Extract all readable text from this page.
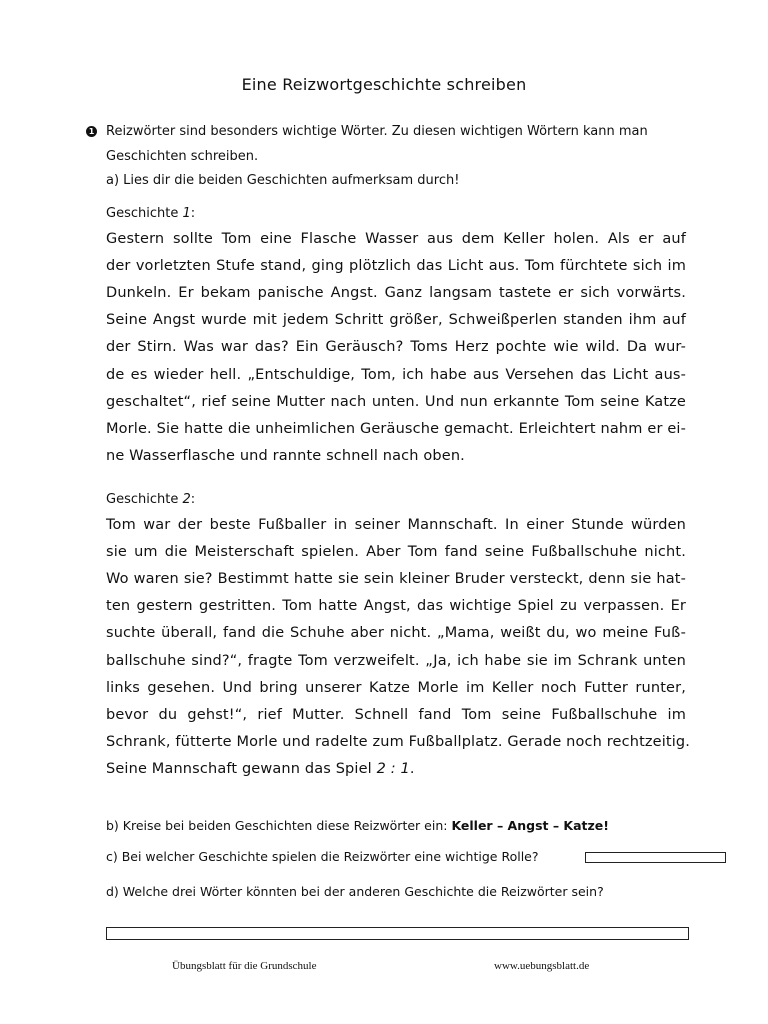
Eine Reizwortgeschichte schreiben
1 Reizwörter sind besonders wichtige Wörter. Zu diesen wichtigen Wörtern kann man
Geschichten schreiben.
a) Lies dir die beiden Geschichten aufmerksam durch!
Geschichte 1:
Gestern sollte Tom eine Flasche Wasser aus dem Keller holen. Als er auf
der vorletzten Stufe stand, ging plötzlich das Licht aus. Tom fürchtete sich im
Dunkeln. Er bekam panische Angst. Ganz langsam tastete er sich vorwärts.
Seine Angst wurde mit jedem Schritt größer, Schweißperlen standen ihm auf
der Stirn. Was war das? Ein Geräusch? Toms Herz pochte wie wild. Da wur-
de es wieder hell. „Entschuldige, Tom, ich habe aus Versehen das Licht aus-
geschaltet“, rief seine Mutter nach unten. Und nun erkannte Tom seine Katze
Morle. Sie hatte die unheimlichen Geräusche gemacht. Erleichtert nahm er ei-
ne Wasserflasche und rannte schnell nach oben.
Geschichte 2:
Tom war der beste Fußballer in seiner Mannschaft. In einer Stunde würden
sie um die Meisterschaft spielen. Aber Tom fand seine Fußballschuhe nicht.
Wo waren sie? Bestimmt hatte sie sein kleiner Bruder versteckt, denn sie hat-
ten gestern gestritten. Tom hatte Angst, das wichtige Spiel zu verpassen. Er
suchte überall, fand die Schuhe aber nicht. „Mama, weißt du, wo meine Fuß-
ballschuhe sind?“, fragte Tom verzweifelt. „Ja, ich habe sie im Schrank unten
links gesehen. Und bring unserer Katze Morle im Keller noch Futter runter,
bevor du gehst!“, rief Mutter. Schnell fand Tom seine Fußballschuhe im
Schrank, fütterte Morle und radelte zum Fußballplatz. Gerade noch rechtzeitig.
Seine Mannschaft gewann das Spiel 2 : 1.
b) Kreise bei beiden Geschichten diese Reizwörter ein: Keller – Angst – Katze!
c) Bei welcher Geschichte spielen die Reizwörter eine wichtige Rolle?
d) Welche drei Wörter könnten bei der anderen Geschichte die Reizwörter sein?
Übungsblatt für die Grundschule	www.uebungsblatt.de
